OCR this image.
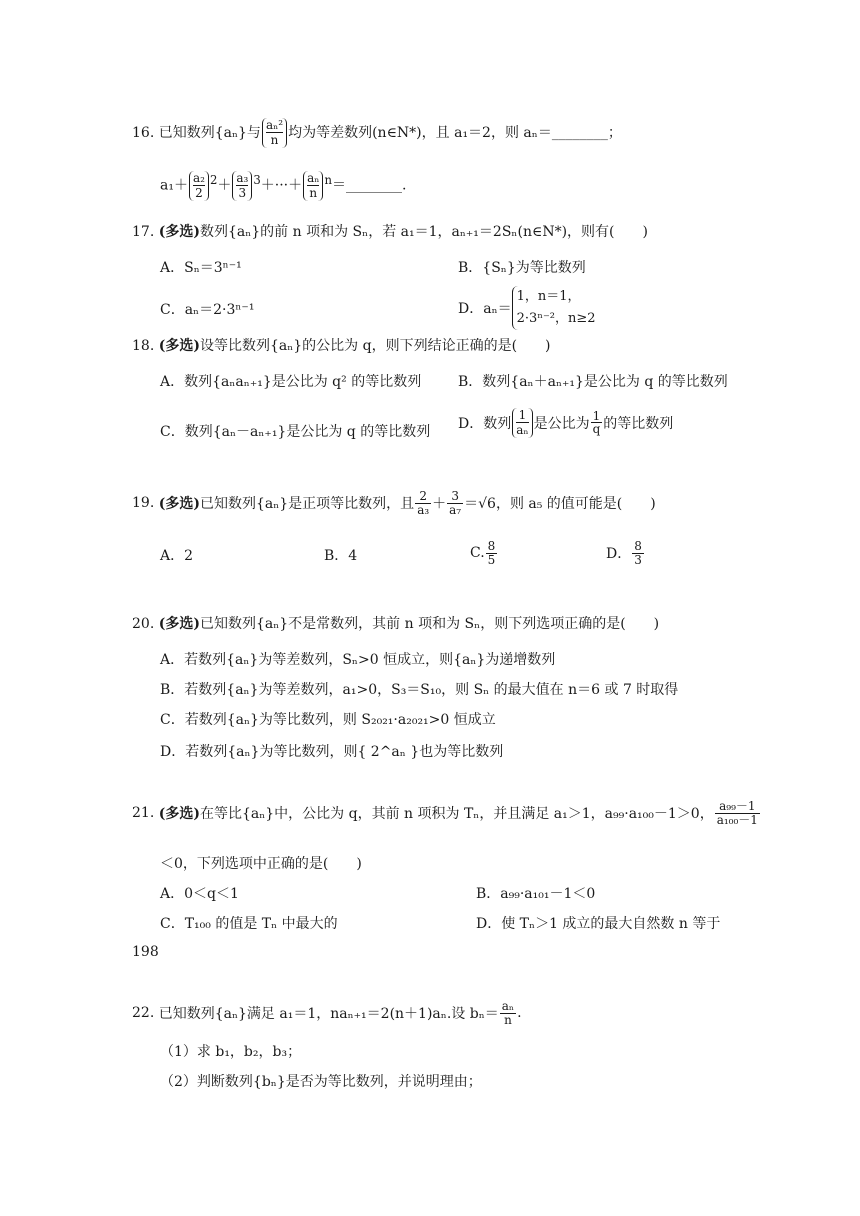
16. 已知数列{aₙ}与 $\frac{\text{aₙ²}}{n}$ 均为等差数列(n∈N*)，且 a₁＝2，则 aₙ＝________；
$a_1+ \frac{\text{a₂}}{2} ^2+ \frac{\text{a₃}}{3} ^3+\cdot\cdot\cdot+ \frac{\text{aₙ}}{n}$ $^n$＝________.
17. (多选)数列{aₙ}的前 n 项和为 Sₙ，若 a₁＝1，aₙ₊₁＝2Sₙ(n∈N*)，则有(　　)
A．Sₙ＝3ⁿ⁻¹	B．{Sₙ}为等比数列
C．aₙ＝2·3ⁿ⁻¹	D．aₙ＝
1，n＝1，
2·3ⁿ⁻²，n≥2
18. (多选)设等比数列{aₙ}的公比为 q，则下列结论正确的是(　　)
A．数列{aₙaₙ₊₁}是公比为 q² 的等比数列	B．数列{aₙ＋aₙ₊₁}是公比为 q 的等比数列
C．数列{aₙ－aₙ₊₁}是公比为 q 的等比数列
D．数列 $\frac{1}{\text{aₙ}}$ 是公比为 $\frac{1}{q}$ 的等比数列
19. (多选)已知数列{aₙ}是正项等比数列，且 $\frac{2}{\text{a₃}} + \frac{3}{\text{a₇}} =√6$，则 a₅ 的值可能是(　　)
A．2	B．4	C. $\frac{8}{5}$	D． $\frac{8}{3}$
20. (多选)已知数列{aₙ}不是常数列，其前 n 项和为 Sₙ，则下列选项正确的是(　　)
A．若数列{aₙ}为等差数列，Sₙ>0 恒成立，则{aₙ}为递增数列
B．若数列{aₙ}为等差数列，a₁>0，S₃＝S₁₀，则 Sₙ 的最大值在 n＝6 或 7 时取得
C．若数列{aₙ}为等比数列，则 S₂₀₂₁·a₂₀₂₁>0 恒成立
D．若数列{aₙ}为等比数列，则{ 2^aₙ }也为等比数列
21. (多选)在等比{aₙ}中，公比为 q，其前 n 项积为 Tₙ，并且满足 a₁＞1，a₉₉·a₁₀₀－1＞0， $\frac{\text{a₉₉－1}}{\text{a₁₀₀－1}}$
＜0，下列选项中正确的是(　　)
A．0＜q＜1	B．a₉₉·a₁₀₁－1＜0
C．T₁₀₀ 的值是 Tₙ 中最大的	D．使 Tₙ＞1 成立的最大自然数 n 等于
198
22. 已知数列{aₙ}满足 a₁＝1，naₙ₊₁＝2(n＋1)aₙ.设 $b_n= \frac{\text{aₙ}}{n}$ .
（1）求 b₁，b₂，b₃；
（2）判断数列{bₙ}是否为等比数列，并说明理由；
